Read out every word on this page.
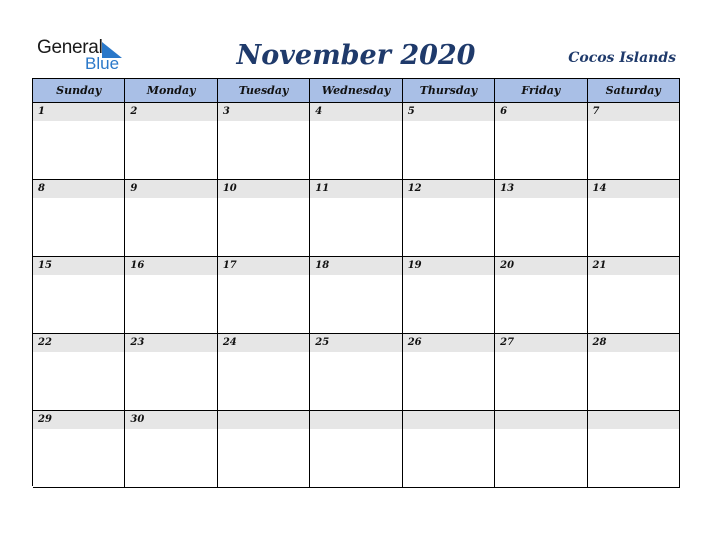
General
Blue	November 2020	Cocos Islands
Sunday	Monday	Tuesday	Wednesday	Thursday	Friday	Saturday
1	2	3	4	5	6	7
8	9	10	11	12	13	14
15	16	17	18	19	20	21
22	23	24	25	26	27	28
29	30
